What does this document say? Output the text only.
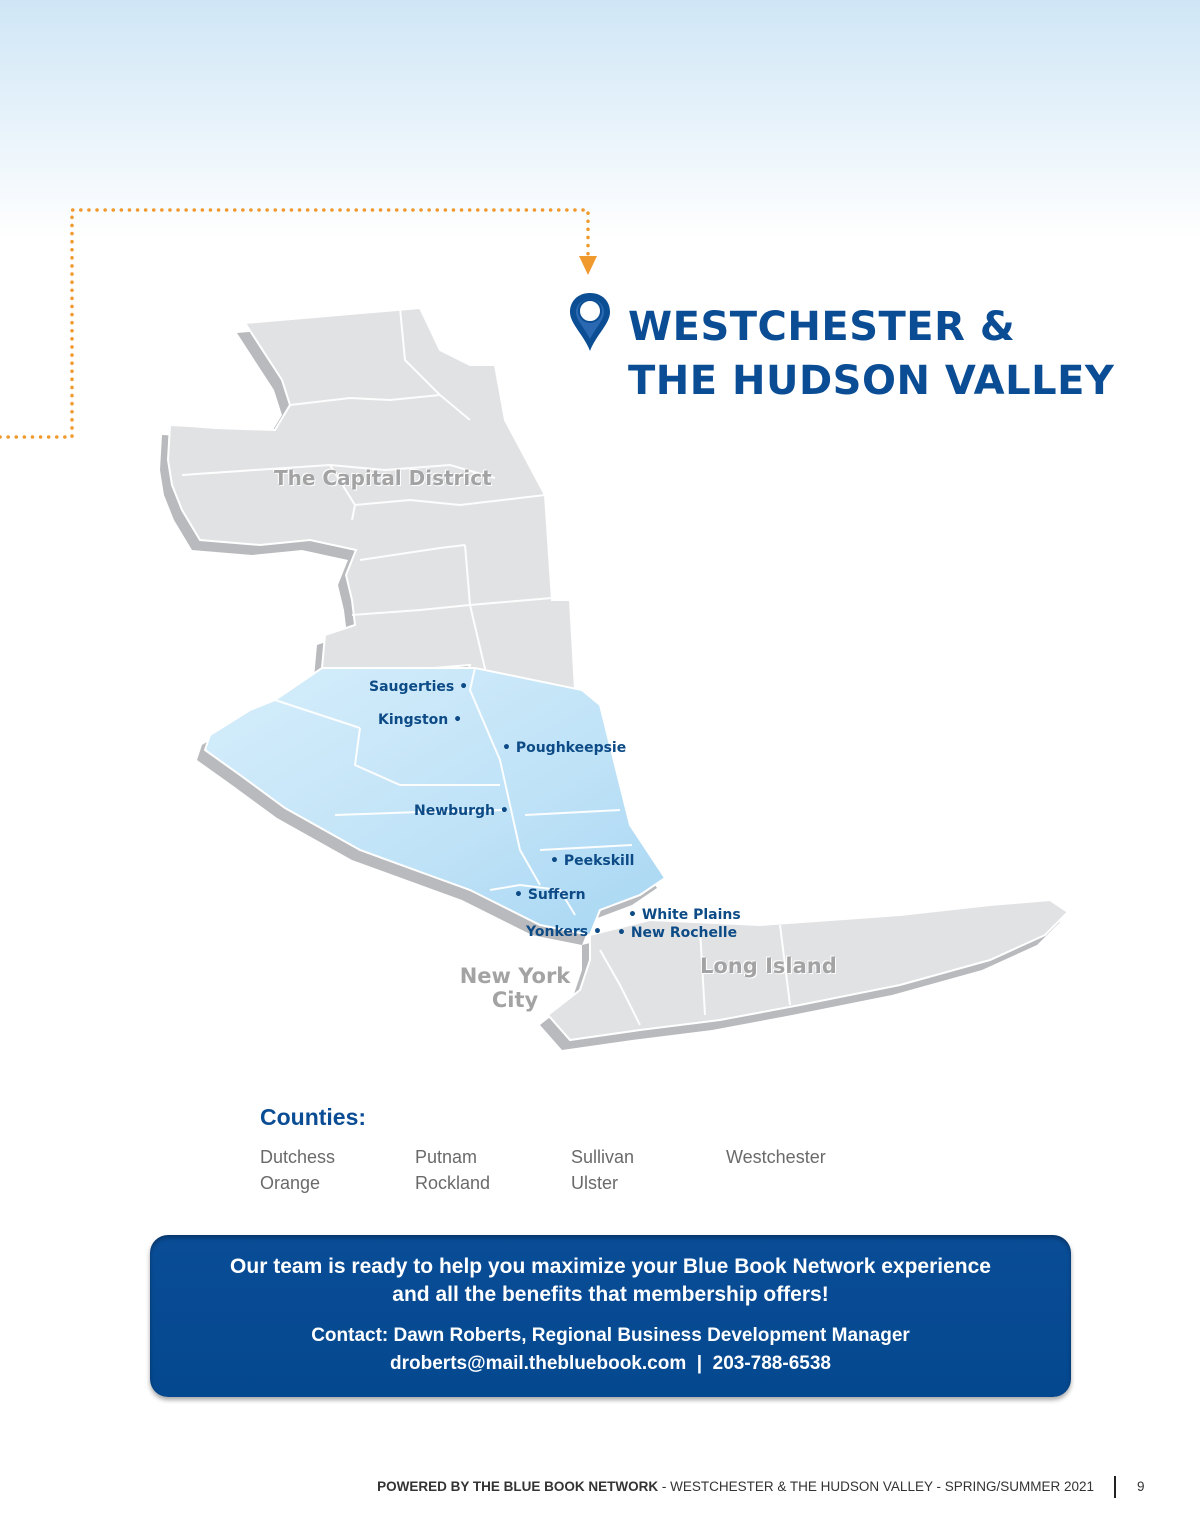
WESTCHESTER &
THE HUDSON VALLEY
The Capital District
New York
City
Long Island
Saugerties •
Kingston •
• Poughkeepsie
Newburgh •
• Peekskill
• Suffern
• White Plains
• New Rochelle
Yonkers •
Counties:
Dutchess
Orange
Putnam
Rockland
Sullivan
Ulster
Westchester
Our team is ready to help you maximize your Blue Book Network experience
and all the benefits that membership offers!
Contact: Dawn Roberts, Regional Business Development Manager
droberts@mail.thebluebook.com  |  203-788-6538
POWERED BY THE BLUE BOOK NETWORK - WESTCHESTER & THE HUDSON VALLEY - SPRING/SUMMER 2021	9
